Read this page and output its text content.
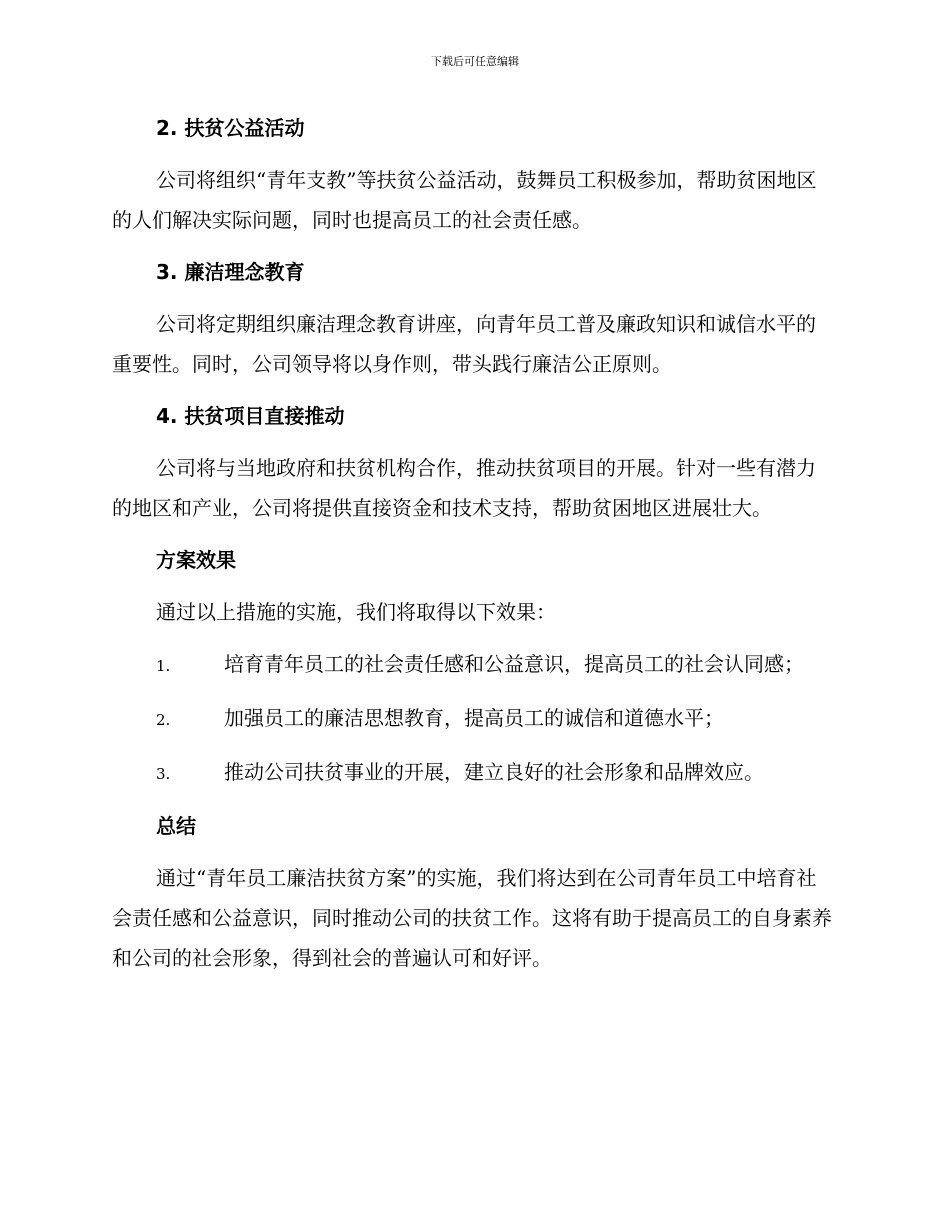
下载后可任意编辑

2. 扶贫公益活动

公司将组织“青年支教”等扶贫公益活动，鼓舞员工积极参加，帮助贫困地区的人们解决实际问题，同时也提高员工的社会责任感。

3. 廉洁理念教育

公司将定期组织廉洁理念教育讲座，向青年员工普及廉政知识和诚信水平的重要性。同时，公司领导将以身作则，带头践行廉洁公正原则。

4. 扶贫项目直接推动

公司将与当地政府和扶贫机构合作，推动扶贫项目的开展。针对一些有潜力的地区和产业，公司将提供直接资金和技术支持，帮助贫困地区进展壮大。

方案效果

通过以上措施的实施，我们将取得以下效果：

1.	培育青年员工的社会责任感和公益意识，提高员工的社会认同感；

2.	加强员工的廉洁思想教育，提高员工的诚信和道德水平；

3.	推动公司扶贫事业的开展，建立良好的社会形象和品牌效应。

总结

通过“青年员工廉洁扶贫方案”的实施，我们将达到在公司青年员工中培育社会责任感和公益意识，同时推动公司的扶贫工作。这将有助于提高员工的自身素养和公司的社会形象，得到社会的普遍认可和好评。
